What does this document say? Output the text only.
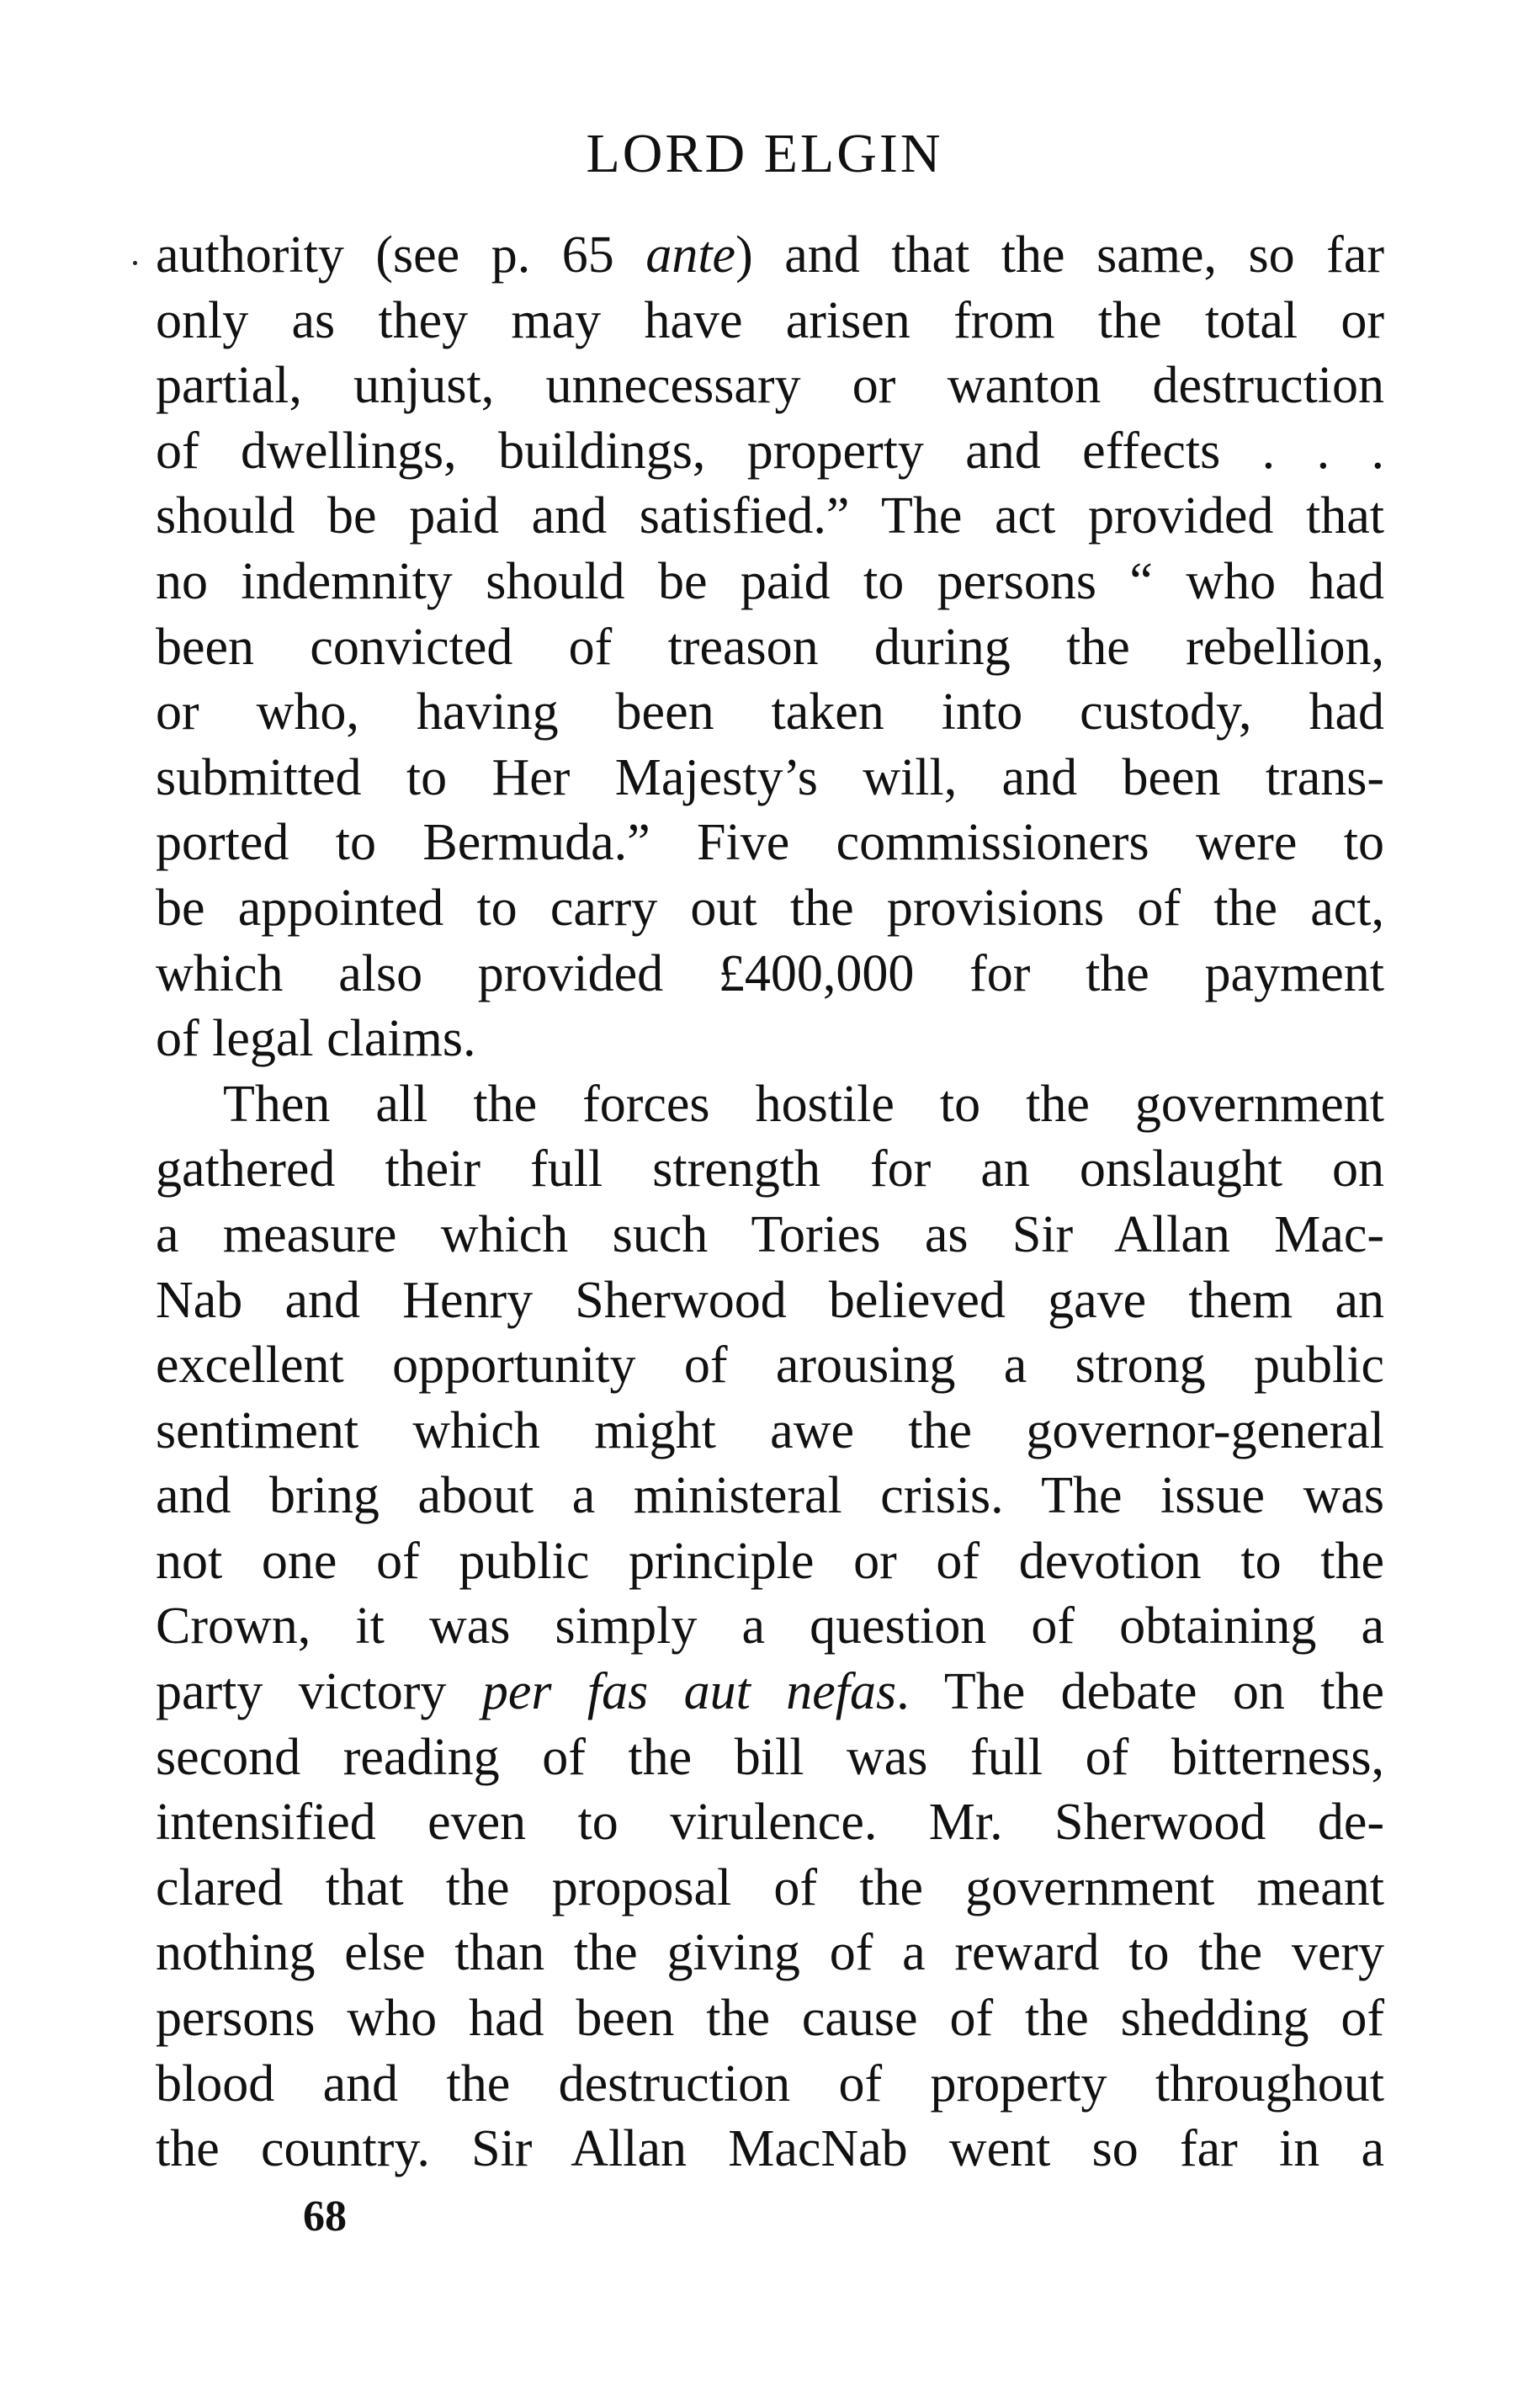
LORD ELGIN
authority (see p. 65 ante) and that the same, so far
only as they may have arisen from the total or
partial, unjust, unnecessary or wanton destruction
of dwellings, buildings, property and effects . . .
should be paid and satisfied.” The act provided that
no indemnity should be paid to persons “ who had
been convicted of treason during the rebellion,
or who, having been taken into custody, had
submitted to Her Majesty’s will, and been trans-
ported to Bermuda.” Five commissioners were to
be appointed to carry out the provisions of the act,
which also provided £400,000 for the payment
of legal claims.
Then all the forces hostile to the government
gathered their full strength for an onslaught on
a measure which such Tories as Sir Allan Mac-
Nab and Henry Sherwood believed gave them an
excellent opportunity of arousing a strong public
sentiment which might awe the governor-general
and bring about a ministeral crisis. The issue was
not one of public principle or of devotion to the
Crown, it was simply a question of obtaining a
party victory per fas aut nefas. The debate on the
second reading of the bill was full of bitterness,
intensified even to virulence. Mr. Sherwood de-
clared that the proposal of the government meant
nothing else than the giving of a reward to the very
persons who had been the cause of the shedding of
blood and the destruction of property throughout
the country. Sir Allan MacNab went so far in a
68
